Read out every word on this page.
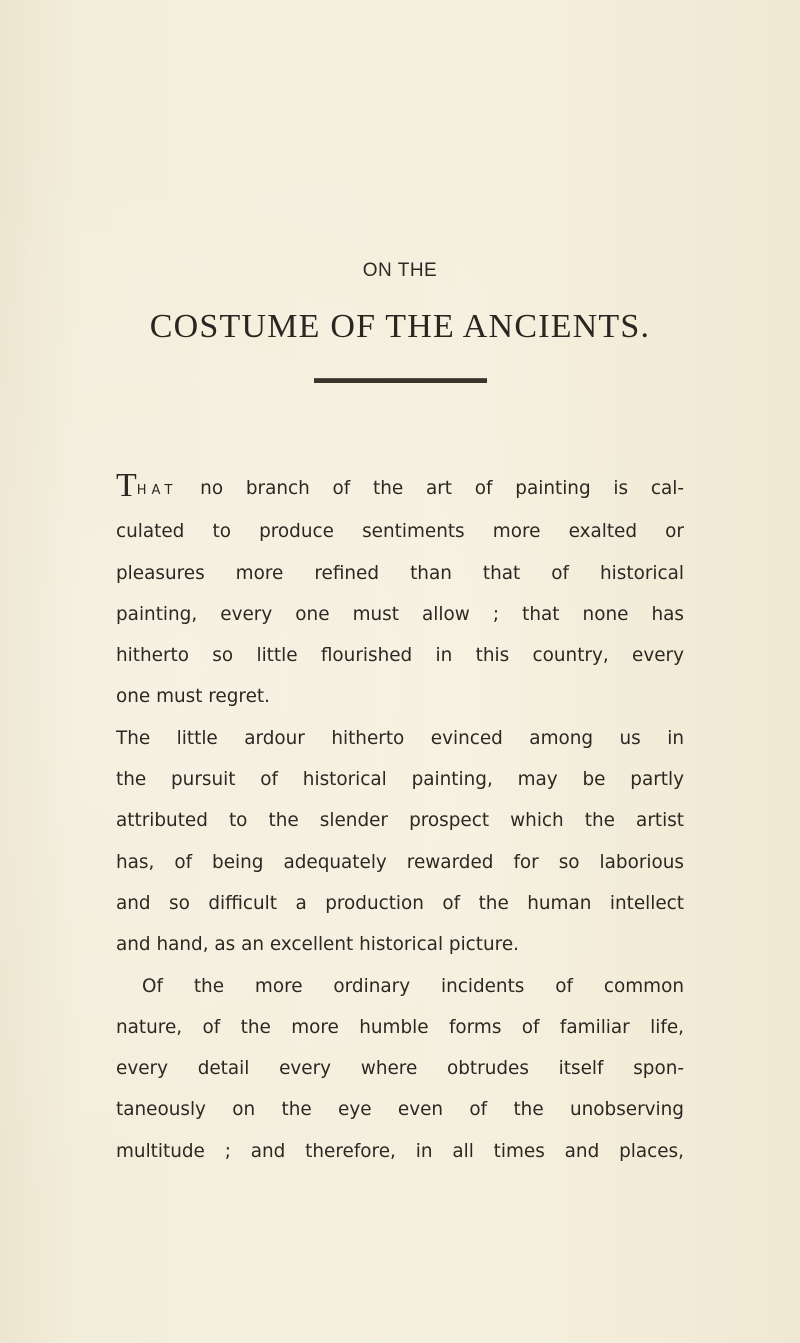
ON THE
COSTUME OF THE ANCIENTS.
THAT no branch of the art of painting is cal-
culated to produce sentiments more exalted or
pleasures more refined than that of historical
painting, every one must allow ; that none has
hitherto so little flourished in this country, every
one must regret.
The little ardour hitherto evinced among us in
the pursuit of historical painting, may be partly
attributed to the slender prospect which the artist
has, of being adequately rewarded for so laborious
and so difficult a production of the human intellect
and hand, as an excellent historical picture.
Of the more ordinary incidents of common
nature, of the more humble forms of familiar life,
every detail every where obtrudes itself spon-
taneously on the eye even of the unobserving
multitude ; and therefore, in all times and places,
